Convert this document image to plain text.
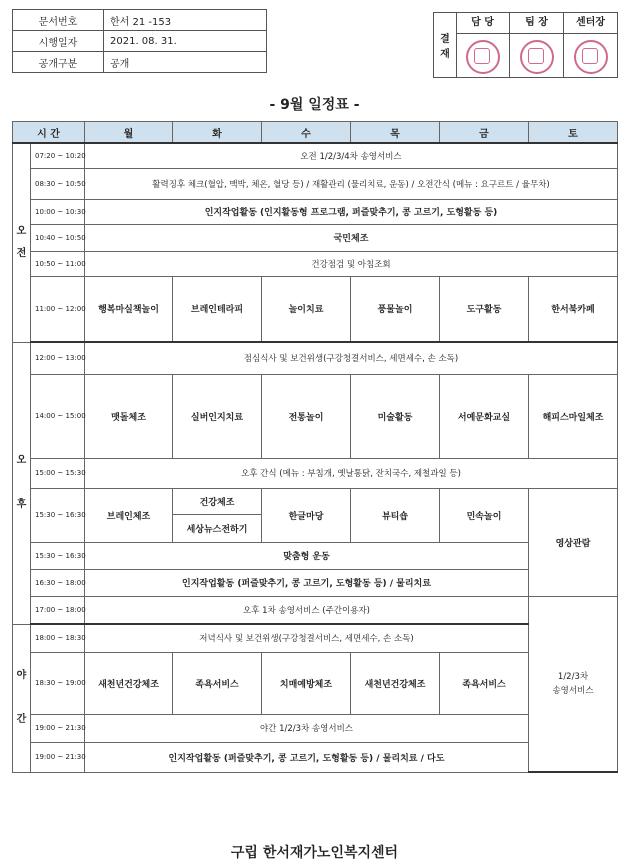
문서번호	한서 21 -153
시행일자	2021. 08. 31.
공개구분	공개
결
재
담 당	팀 장	센터장
- 9월 일정표 -
시 간		월	화	수	목	금	토
오
전	07:20 ~ 10:20	오전 1/2/3/4차 송영서비스					
	08:30 ~ 10:50	활력징후 체크(혈압, 맥박, 체온, 혈당 등) / 재활관리 (물리치료, 운동) / 오전간식 (메뉴 : 요구르트 / 율무차)					
	10:00 ~ 10:30	인지작업활동 (인지활동형 프로그램, 퍼즐맞추기, 콩 고르기, 도형활동 등)					
	10:40 ~ 10:50	국민체조					
	10:50 ~ 11:00	건강점검 및 아침조회					
	11:00 ~ 12:00	행복마실책놀이	브레인테라피	놀이치료	풍물놀이	도구활동	한서북카페
오

후	12:00 ~ 13:00	점심식사 및 보건위생(구강청결서비스, 세면세수, 손 소독)					
	14:00 ~ 15:00	맷돌체조	실버인지치료	전통놀이	미술활동	서예문화교실	해피스마일체조
	15:00 ~ 15:30	오후 간식 (메뉴 : 부침개, 옛날통닭, 잔치국수, 제철과일 등)					
	15:30 ~ 16:30	브레인체조	건강체조	한글마당	뷰티숍	민속놀이	영상관람
			세상뉴스전하기				
	15:30 ~ 16:30	맞춤형 운동					
	16:30 ~ 18:00	인지작업활동 (퍼즐맞추기, 콩 고르기, 도형활동 등) / 물리치료					
	17:00 ~ 18:00	오후 1차 송영서비스 (주간이용자)					1/2/3차
송영서비스
야

간	18:00 ~ 18:30	저녁식사 및 보건위생(구강청결서비스, 세면세수, 손 소독)					
	18:30 ~ 19:00	새천년건강체조	족욕서비스	치매예방체조	새천년건강체조	족욕서비스	
	19:00 ~ 21:30	야간 1/2/3차 송영서비스					
	19:00 ~ 21:30	인지작업활동 (퍼즐맞추기, 콩 고르기, 도형활동 등) / 물리치료 / 다도					
구립 한서재가노인복지센터
